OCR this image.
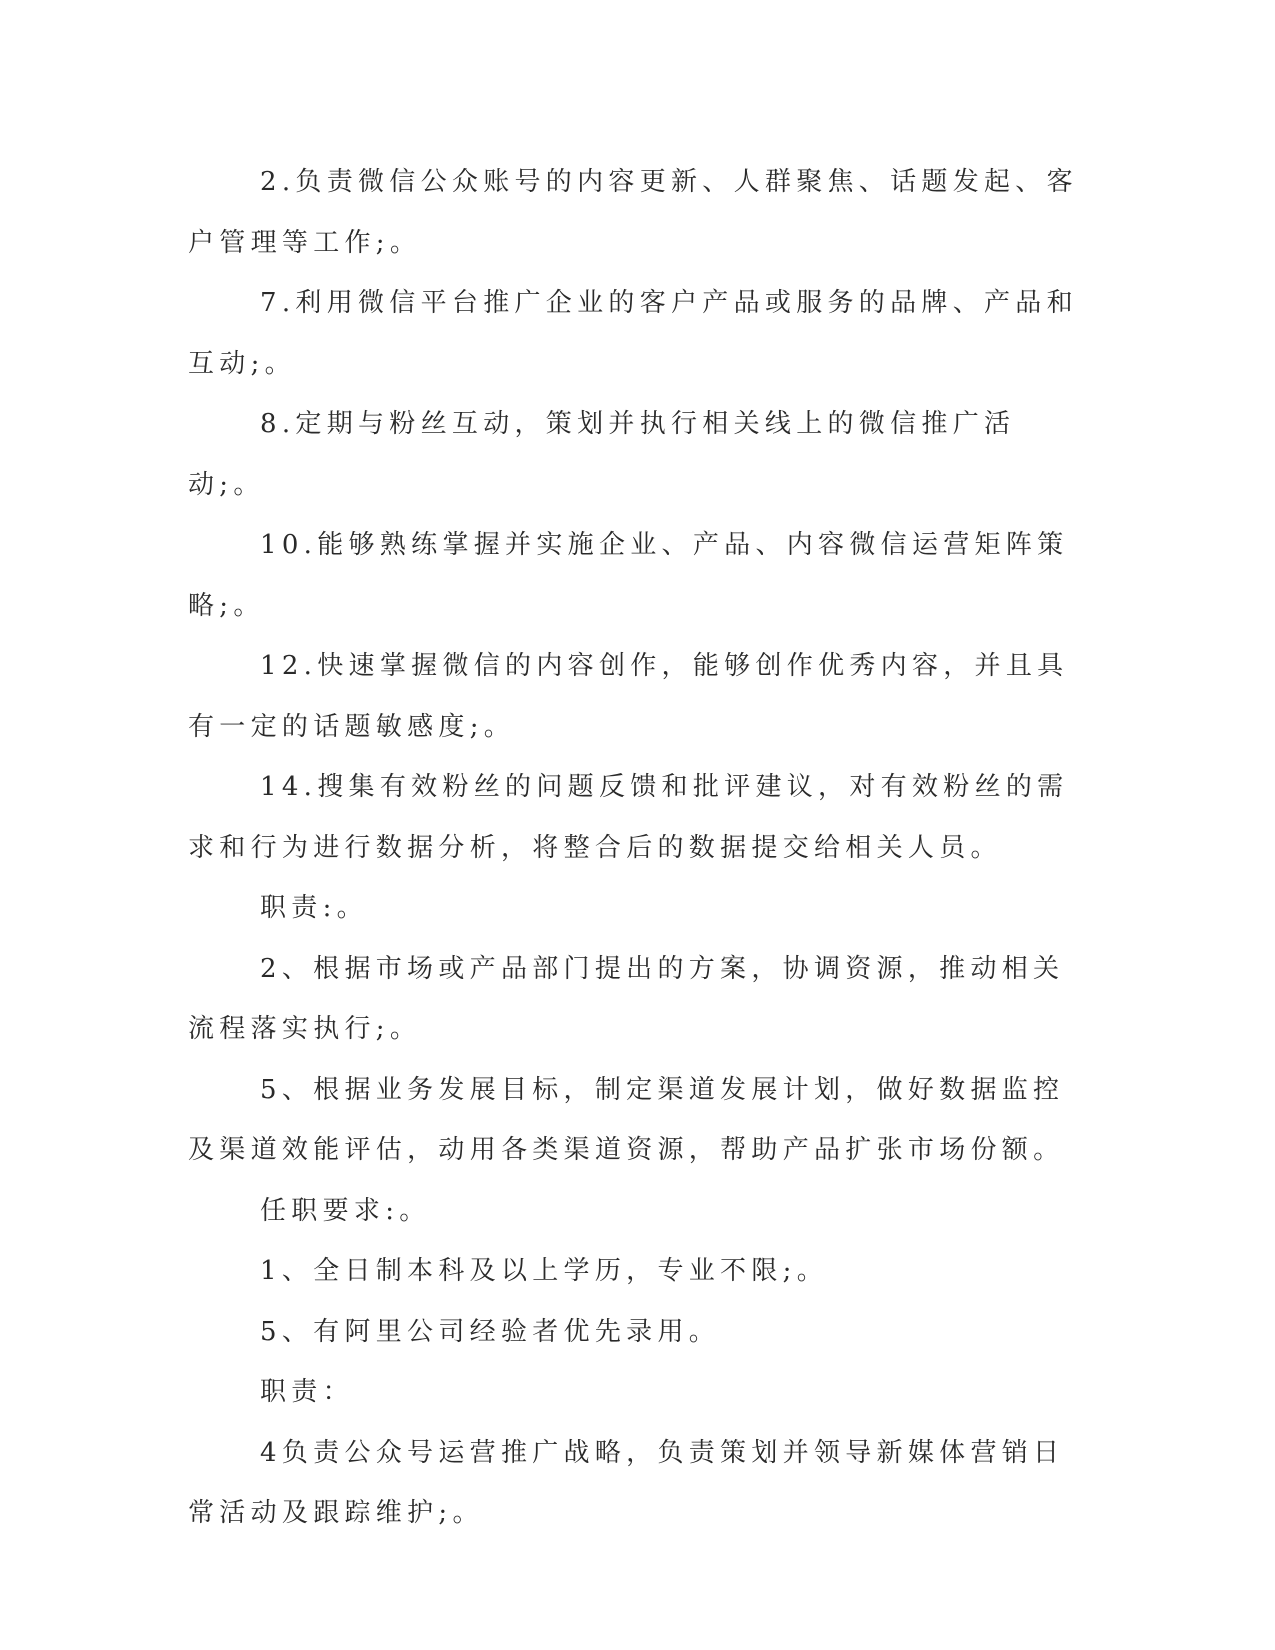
2.负责微信公众账号的内容更新、人群聚焦、话题发起、客户管理等工作;。

7.利用微信平台推广企业的客户产品或服务的品牌、产品和互动;。

8.定期与粉丝互动，策划并执行相关线上的微信推广活动;。

10.能够熟练掌握并实施企业、产品、内容微信运营矩阵策略;。

12.快速掌握微信的内容创作，能够创作优秀内容，并且具有一定的话题敏感度;。

14.搜集有效粉丝的问题反馈和批评建议，对有效粉丝的需求和行为进行数据分析，将整合后的数据提交给相关人员。

职责:。

2、根据市场或产品部门提出的方案，协调资源，推动相关流程落实执行;。

5、根据业务发展目标，制定渠道发展计划，做好数据监控及渠道效能评估，动用各类渠道资源，帮助产品扩张市场份额。

任职要求:。

1、全日制本科及以上学历，专业不限;。

5、有阿里公司经验者优先录用。

职责：

4负责公众号运营推广战略，负责策划并领导新媒体营销日常活动及跟踪维护;。
